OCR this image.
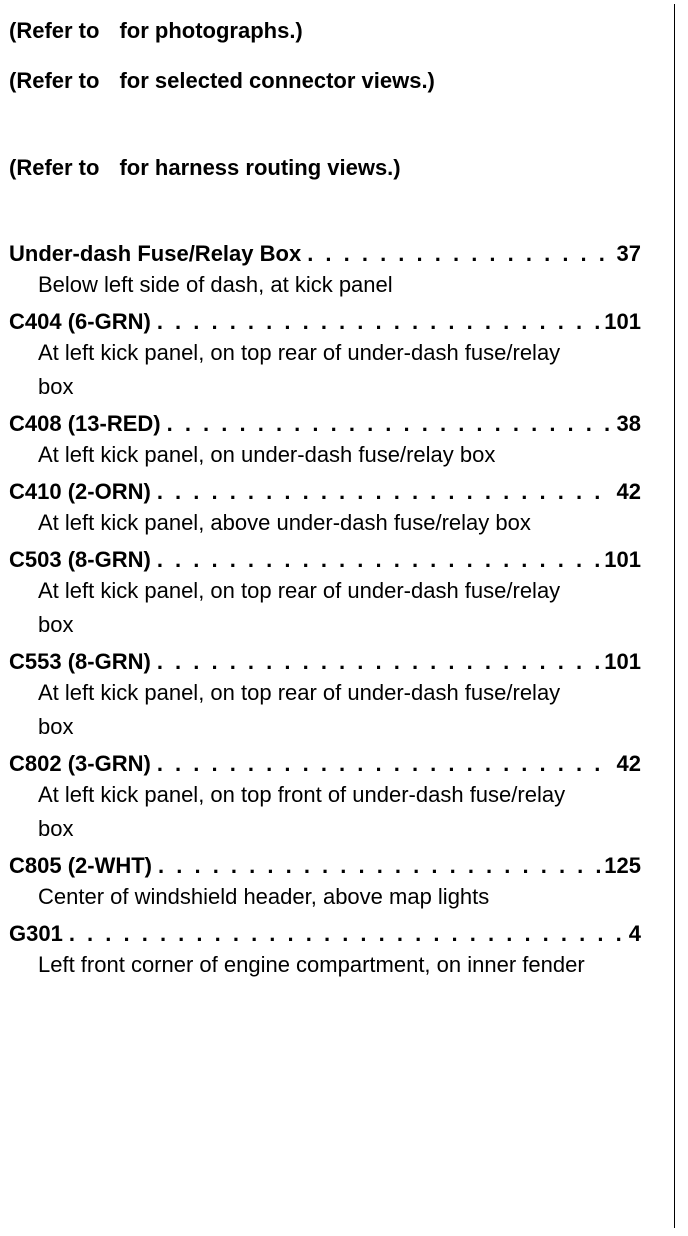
(Refer to for photographs.)
(Refer to for selected connector views.)
(Refer to for harness routing views.)
Under-dash Fuse/Relay Box . . .	37
Below left side of dash, at kick panel
C404 (6-GRN) . . .	101
At left kick panel, on top rear of under-dash fuse/relay box
C408 (13-RED) . . .	38
At left kick panel, on under-dash fuse/relay box
C410 (2-ORN) . . .	42
At left kick panel, above under-dash fuse/relay box
C503 (8-GRN) . . .	101
At left kick panel, on top rear of under-dash fuse/relay box
C553 (8-GRN) . . .	101
At left kick panel, on top rear of under-dash fuse/relay box
C802 (3-GRN) . . .	42
At left kick panel, on top front of under-dash fuse/relay box
C805 (2-WHT) . . .	125
Center of windshield header, above map lights
G301 . . .	4
Left front corner of engine compartment, on inner fender
